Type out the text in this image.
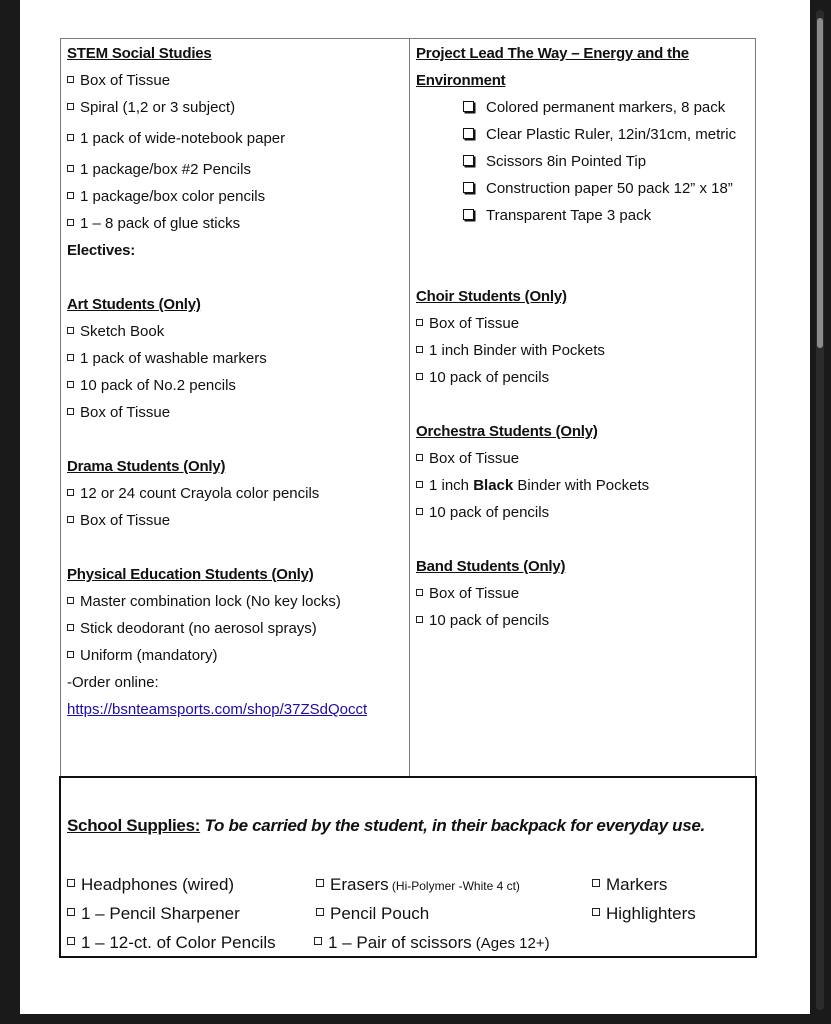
STEM Social Studies
Box of Tissue
Spiral (1,2 or 3 subject)
1 pack of wide-notebook paper
1 package/box #2 Pencils
1 package/box color pencils
1 – 8 pack of glue sticks
Electives:
Art Students (Only)
Sketch Book
1 pack of washable markers
10 pack of No.2 pencils
Box of Tissue
Drama Students (Only)
12 or 24 count Crayola color pencils
Box of Tissue
Physical Education Students (Only)
Master combination lock (No key locks)
Stick deodorant (no aerosol sprays)
Uniform (mandatory)
-Order online:
https://bsnteamsports.com/shop/37ZSdQocct
Project Lead The Way – Energy and the
Environment
Colored permanent markers, 8 pack
Clear Plastic Ruler, 12in/31cm, metric
Scissors 8in Pointed Tip
Construction paper 50 pack 12” x 18”
Transparent Tape 3 pack
Choir Students (Only)
Box of Tissue
1 inch Binder with Pockets
10 pack of pencils
Orchestra Students (Only)
Box of Tissue
1 inch Black Binder with Pockets
10 pack of pencils
Band Students (Only)
Box of Tissue
10 pack of pencils
School Supplies: To be carried by the student, in their backpack for everyday use.
Headphones (wired)
1 – Pencil Sharpener
1 – 12-ct. of Color Pencils
Erasers (Hi-Polymer -White 4 ct)
Pencil Pouch
1 – Pair of scissors (Ages 12+)
Markers
Highlighters
